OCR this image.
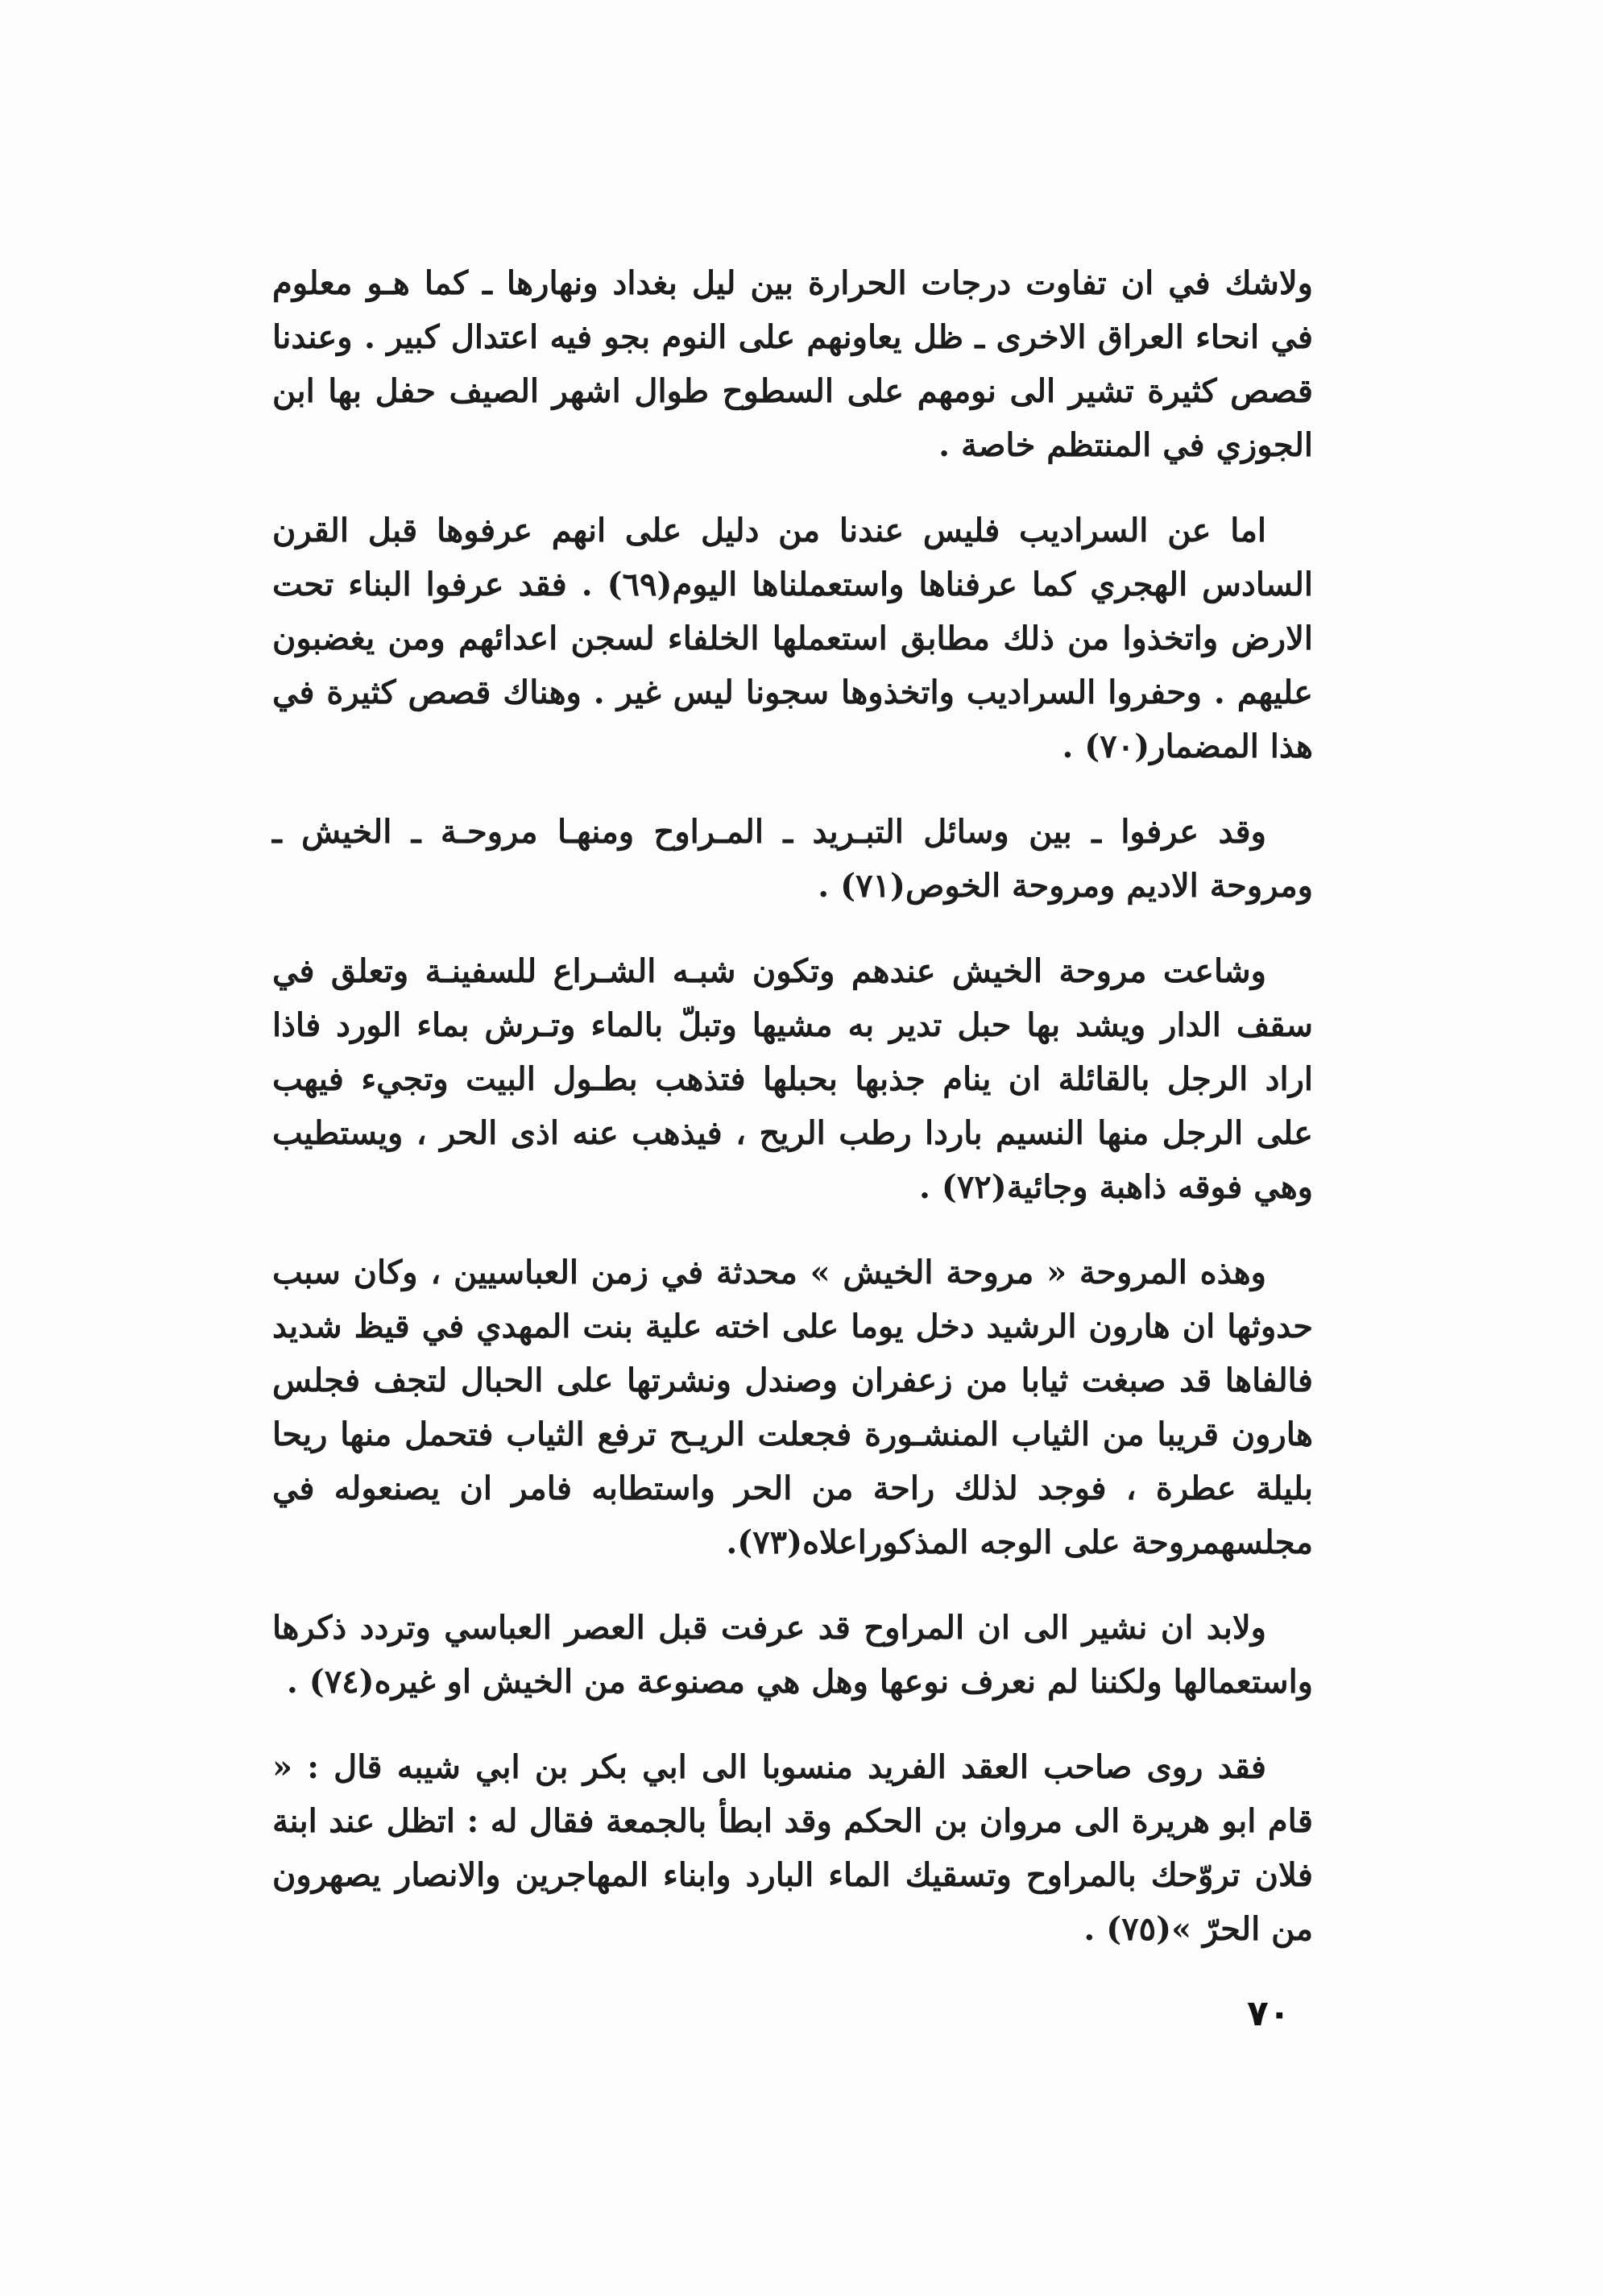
ولاشك في ان تفاوت درجات الحرارة بين ليل بغداد ونهارها ـ كما هـو معلوم في انحاء العراق الاخرى ـ ظل يعاونهم على النوم بجو فيه اعتدال كبير . وعندنا قصص كثيرة تشير الى نومهم على السطوح طوال اشهر الصيف حفل بها ابن الجوزي في المنتظم خاصة .

اما عن السراديب فليس عندنا من دليل على انهم عرفوها قبل القرن السادس الهجري كما عرفناها واستعملناها اليوم(٦٩) . فقد عرفوا البناء تحت الارض واتخذوا من ذلك مطابق استعملها الخلفاء لسجن اعدائهم ومن يغضبون عليهم . وحفروا السراديب واتخذوها سجونا ليس غير . وهناك قصص كثيرة في هذا المضمار(٧٠) .

وقد عرفوا ـ بين وسائل التبـريد ـ المـراوح ومنهـا مروحـة ـ الخيش ـ ومروحة الاديم ومروحة الخوص(٧١) .

وشاعت مروحة الخيش عندهم وتكون شبـه الشـراع للسفينـة وتعلق في سقف الدار ويشد بها حبل تدير به مشيها وتبلّ بالماء وتـرش بماء الورد فاذا اراد الرجل بالقائلة ان ينام جذبها بحبلها فتذهب بطـول البيت وتجيء فيهب على الرجل منها النسيم باردا رطب الريح ، فيذهب عنه اذى الحر ، ويستطيب وهي فوقه ذاهبة وجائية(٧٢) .

وهذه المروحة « مروحة الخيش » محدثة في زمن العباسيين ، وكان سبب حدوثها ان هارون الرشيد دخل يوما على اخته علية بنت المهدي في قيظ شديد فالفاها قد صبغت ثيابا من زعفران وصندل ونشرتها على الحبال لتجف فجلس هارون قريبا من الثياب المنشـورة فجعلت الريـح ترفع الثياب فتحمل منها ريحا بليلة عطرة ، فوجد لذلك راحة من الحر واستطابه فامر ان يصنعوله في مجلسهمروحة على الوجه المذكوراعلاه(٧٣).

ولابد ان نشير الى ان المراوح قد عرفت قبل العصر العباسي وتردد ذكرها واستعمالها ولكننا لم نعرف نوعها وهل هي مصنوعة من الخيش او غيره(٧٤) .

فقد روى صاحب العقد الفريد منسوبا الى ابي بكر بن ابي شيبه قال : « قام ابو هريرة الى مروان بن الحكم وقد ابطأ بالجمعة فقال له : اتظل عند ابنة فلان تروّحك بالمراوح وتسقيك الماء البارد وابناء المهاجرين والانصار يصهرون من الحرّ »(٧٥) .

٧٠
